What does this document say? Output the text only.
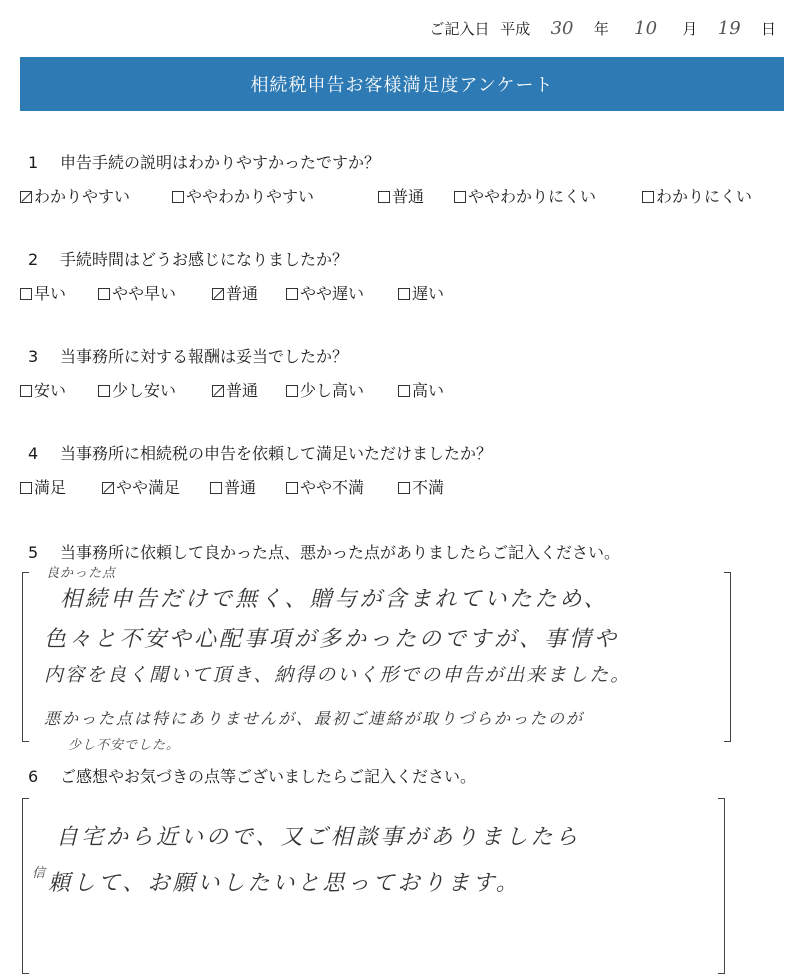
ご記入日 平成 30 年 10 月 19 日
相続税申告お客様満足度アンケート
1 申告手続の説明はわかりやすかったですか？
わかりやすい	ややわかりやすい	普通	ややわかりにくい	わかりにくい
2 手続時間はどうお感じになりましたか？
早い	やや早い	普通	やや遅い	遅い
3 当事務所に対する報酬は妥当でしたか？
安い	少し安い	普通	少し高い	高い
4 当事務所に相続税の申告を依頼して満足いただけましたか？
満足	やや満足	普通	やや不満	不満
5 当事務所に依頼して良かった点、悪かった点がありましたらご記入ください。
良かった点
相続申告だけで無く、贈与が含まれていたため、
色々と不安や心配事項が多かったのですが、事情や
内容を良く聞いて頂き、納得のいく形での申告が出来ました。
悪かった点は特にありませんが、最初ご連絡が取りづらかったのが
少し不安でした。
6 ご感想やお気づきの点等ございましたらご記入ください。
自宅から近いので、又ご相談事がありましたら
信 頼して、お願いしたいと思っております。
